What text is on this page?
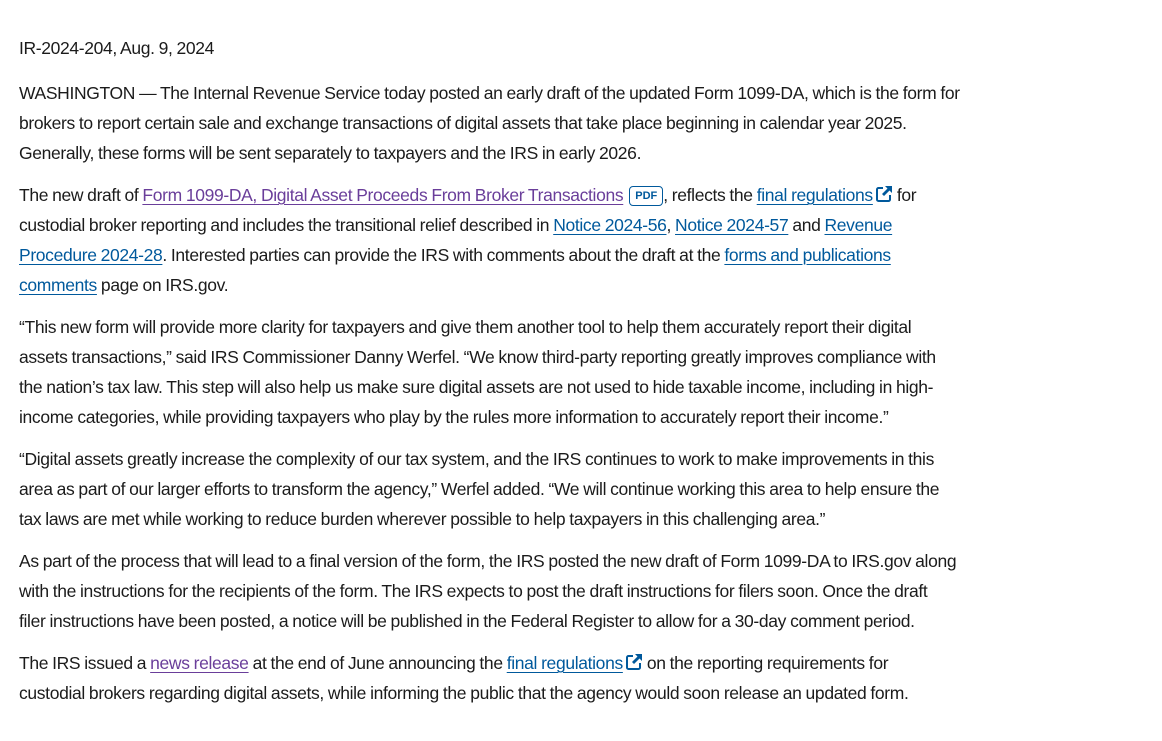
IR-2024-204, Aug. 9, 2024

WASHINGTON — The Internal Revenue Service today posted an early draft of the updated Form 1099-DA, which is the form for
brokers to report certain sale and exchange transactions of digital assets that take place beginning in calendar year 2025.
Generally, these forms will be sent separately to taxpayers and the IRS in early 2026.

The new draft of Form 1099-DA, Digital Asset Proceeds From Broker Transactions PDF , reflects the final regulations for
custodial broker reporting and includes the transitional relief described in Notice 2024-56, Notice 2024-57 and Revenue
Procedure 2024-28. Interested parties can provide the IRS with comments about the draft at the forms and publications
comments page on IRS.gov.

“This new form will provide more clarity for taxpayers and give them another tool to help them accurately report their digital
assets transactions,” said IRS Commissioner Danny Werfel. “We know third-party reporting greatly improves compliance with
the nation’s tax law. This step will also help us make sure digital assets are not used to hide taxable income, including in high-
income categories, while providing taxpayers who play by the rules more information to accurately report their income.”

“Digital assets greatly increase the complexity of our tax system, and the IRS continues to work to make improvements in this
area as part of our larger efforts to transform the agency,” Werfel added. “We will continue working this area to help ensure the
tax laws are met while working to reduce burden wherever possible to help taxpayers in this challenging area.”

As part of the process that will lead to a final version of the form, the IRS posted the new draft of Form 1099-DA to IRS.gov along
with the instructions for the recipients of the form. The IRS expects to post the draft instructions for filers soon. Once the draft
filer instructions have been posted, a notice will be published in the Federal Register to allow for a 30-day comment period.

The IRS issued a news release at the end of June announcing the final regulations on the reporting requirements for
custodial brokers regarding digital assets, while informing the public that the agency would soon release an updated form.
